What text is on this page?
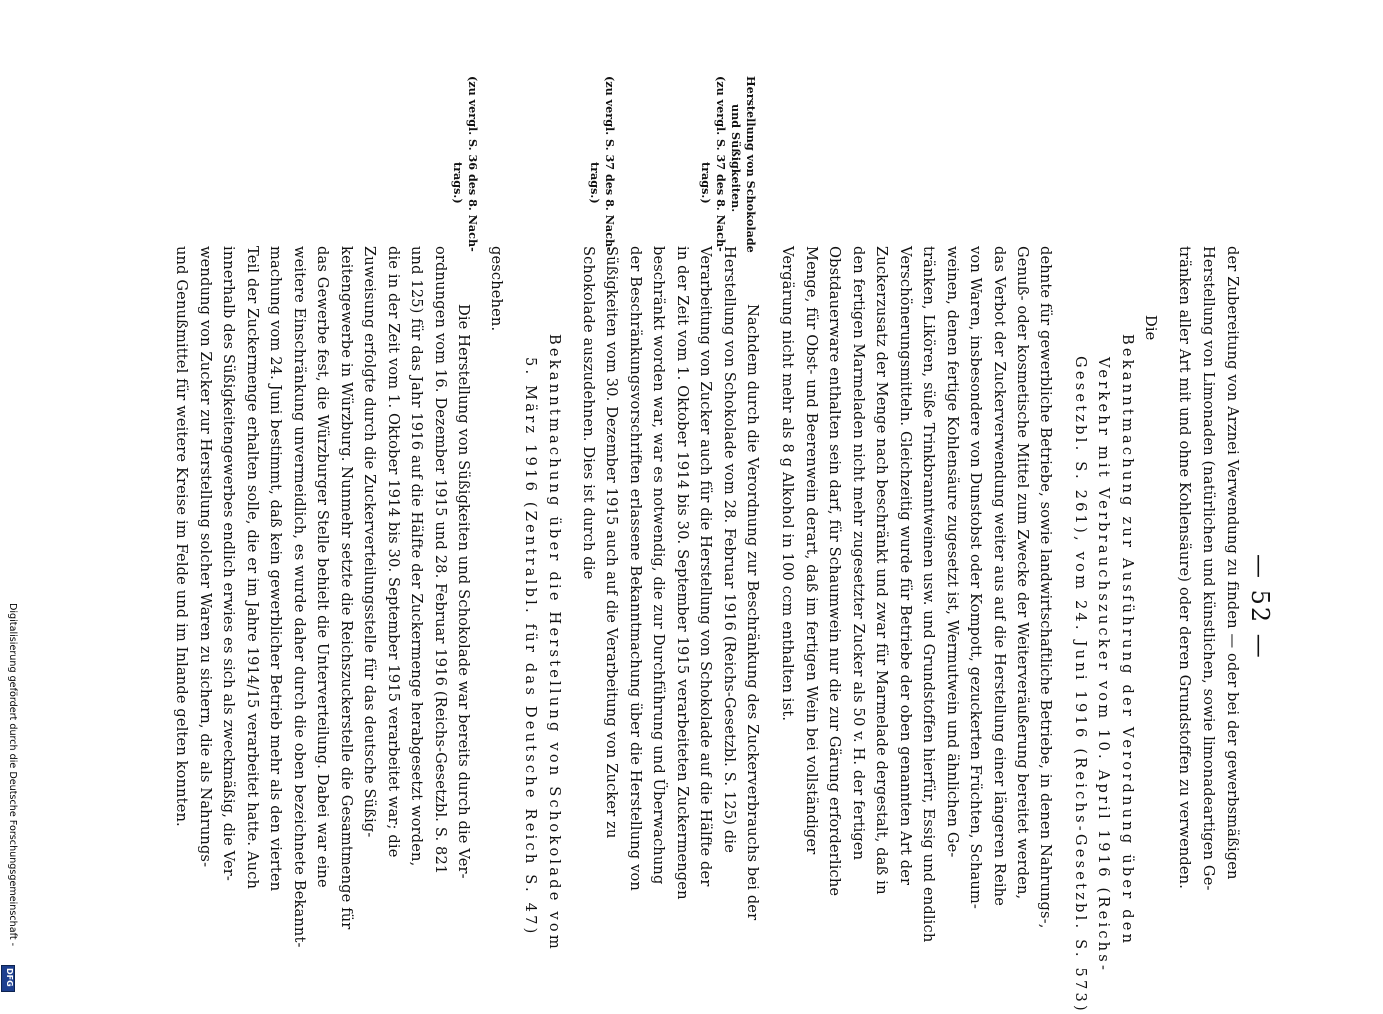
— 52 —
der Zubereitung von Arznei Verwendung zu finden — oder bei der gewerbsmäßigen
Herstellung von Limonaden (natürlichen und künstlichen, sowie limonadeartigen Ge-
tränken aller Art mit und ohne Kohlensäure) oder deren Grundstoffen zu verwenden.
Die
Bekanntmachung zur Ausführung der Verordnung über den
Verkehr mit Verbrauchszucker vom 10. April 1916 (Reichs-
Gesetzbl. S. 261), vom 24. Juni 1916 (Reichs-Gesetzbl. S. 573)
dehnte für gewerbliche Betriebe, sowie landwirtschaftliche Betriebe, in denen Nahrungs-,
Genuß- oder kosmetische Mittel zum Zwecke der Weiterveräußerung bereitet werden,
das Verbot der Zuckerverwendung weiter aus auf die Herstellung einer längeren Reihe
von Waren, insbesondere von Dunstobst oder Kompott, gezuckerten Früchten, Schaum-
weinen, denen fertige Kohlensäure zugesetzt ist, Wermutwein und ähnlichen Ge-
tränken, Likören, süße Trinkbranntweinen usw. und Grundstoffen hierfür, Essig und endlich
Verschönerungsmitteln. Gleichzeitig wurde für Betriebe der oben genannten Art der
Zuckerzusatz der Menge nach beschränkt und zwar für Marmelade dergestalt, daß in
den fertigen Marmeladen nicht mehr zugesetzter Zucker als 50 v. H. der fertigen
Obstdauerware enthalten sein darf, für Schaumwein nur die zur Gärung erforderliche
Menge, für Obst- und Beerenwein derart, daß im fertigen Wein bei vollständiger
Vergärung nicht mehr als 8 g Alkohol in 100 ccm enthalten ist.
Nachdem durch die Verordnung zur Beschränkung des Zuckerverbrauchs bei der
Herstellung von Schokolade vom 28. Februar 1916 (Reichs-Gesetzbl. S. 125) die
Verarbeitung von Zucker auch für die Herstellung von Schokolade auf die Hälfte der
in der Zeit vom 1. Oktober 1914 bis 30. September 1915 verarbeiteten Zuckermengen
beschränkt worden war, war es notwendig, die zur Durchführung und Überwachung
der Beschränkungsvorschriften erlassene Bekanntmachung über die Herstellung von
Süßigkeiten vom 30. Dezember 1915 auch auf die Verarbeitung von Zucker zu
Schokolade auszudehnen. Dies ist durch die
Bekanntmachung über die Herstellung von Schokolade vom
5. März 1916 (Zentralbl. für das Deutsche Reich S. 47)
geschehen.
Die Herstellung von Süßigkeiten und Schokolade war bereits durch die Ver-
ordnungen vom 16. Dezember 1915 und 28. Februar 1916 (Reichs-Gesetzbl. S. 821
und 125) für das Jahr 1916 auf die Hälfte der Zuckermenge herabgesetzt worden,
die in der Zeit vom 1. Oktober 1914 bis 30. September 1915 verarbeitet war; die
Zuweisung erfolgte durch die Zuckerverteilungsstelle für das deutsche Süßig-
keitengewerbe in Würzburg. Nunmehr setzte die Reichszuckerstelle die Gesamtmenge für
das Gewerbe fest, die Würzburger Stelle behielt die Unterverteilung. Dabei war eine
weitere Einschränkung unvermeidlich, es wurde daher durch die oben bezeichnete Bekannt-
machung vom 24. Juni bestimmt, daß kein gewerblicher Betrieb mehr als den vierten
Teil der Zuckermenge erhalten solle, die er im Jahre 1914/15 verarbeitet hatte. Auch
innerhalb des Süßigkeitengewerbes endlich erwies es sich als zweckmäßig, die Ver-
wendung von Zucker zur Herstellung solcher Waren zu sichern, die als Nahrungs-
und Genußmittel für weitere Kreise im Felde und im Inlande gelten konnten.
Herstellung von Schokolade
und Süßigkeiten.
(zu vergl. S. 37 des 8. Nach-
trags.)
(zu vergl. S. 37 des 8. Nach-
trags.)
(zu vergl. S. 36 des 8. Nach-
trags.)
Digitalisierung gefördert durch die Deutsche Forschungsgemeinschaft -
DFG
